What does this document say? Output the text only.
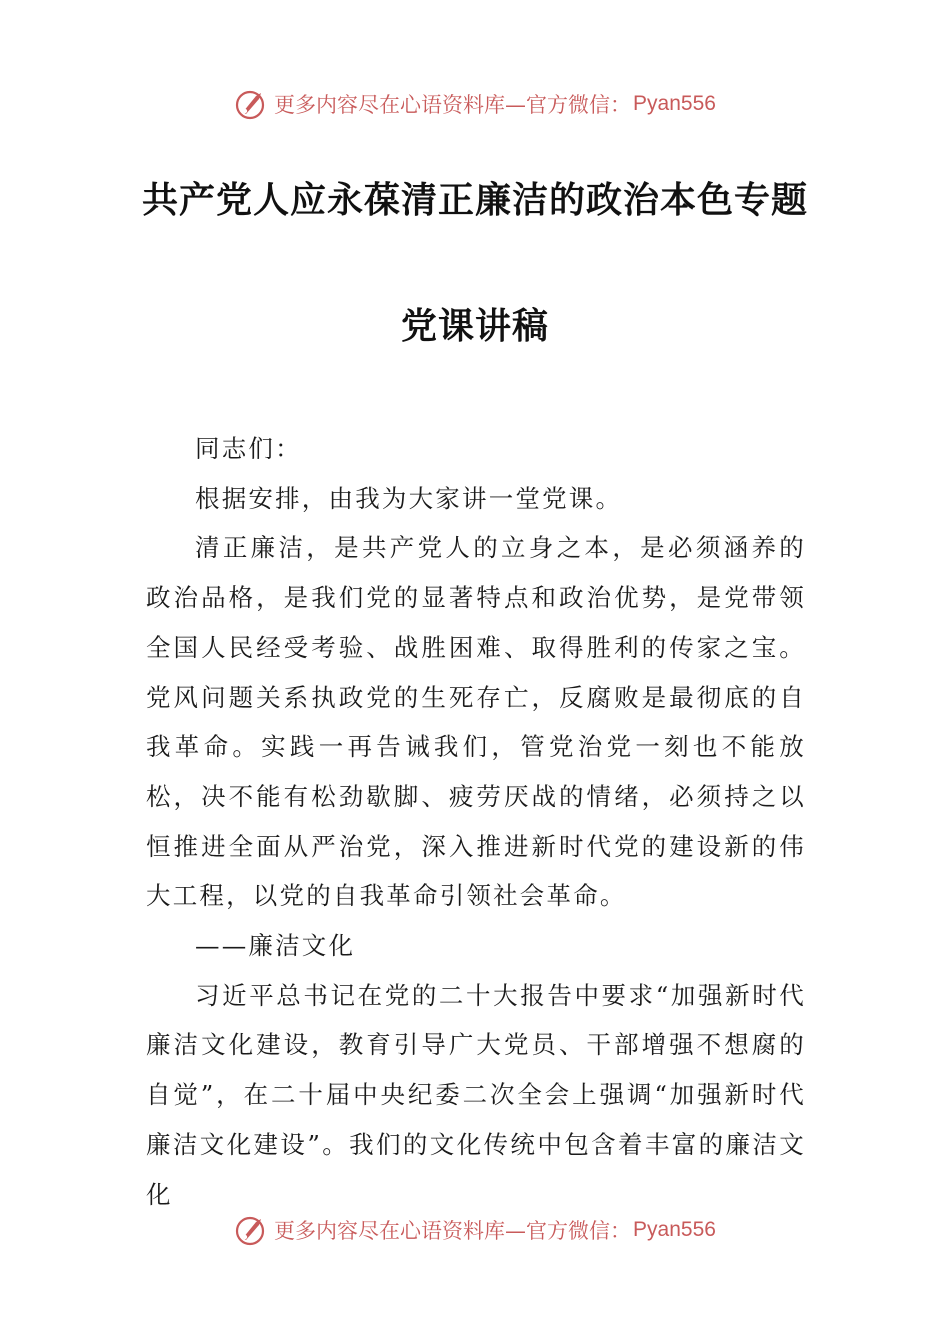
更多内容尽在心语资料库—官方微信： Pyan556
共产党人应永葆清正廉洁的政治本色专题
党课讲稿

同志们：

根据安排，由我为大家讲一堂党课。

清正廉洁，是共产党人的立身之本，是必须涵养的政治品格，是我们党的显著特点和政治优势，是党带领全国人民经受考验、战胜困难、取得胜利的传家之宝。党风问题关系执政党的生死存亡，反腐败是最彻底的自我革命。实践一再告诫我们，管党治党一刻也不能放松，决不能有松劲歇脚、疲劳厌战的情绪，必须持之以恒推进全面从严治党，深入推进新时代党的建设新的伟大工程，以党的自我革命引领社会革命。

——廉洁文化

习近平总书记在党的二十大报告中要求“加强新时代廉洁文化建设，教育引导广大党员、干部增强不想腐的自觉”，在二十届中央纪委二次全会上强调“加强新时代廉洁文化建设”。我们的文化传统中包含着丰富的廉洁文化

更多内容尽在心语资料库—官方微信： Pyan556
